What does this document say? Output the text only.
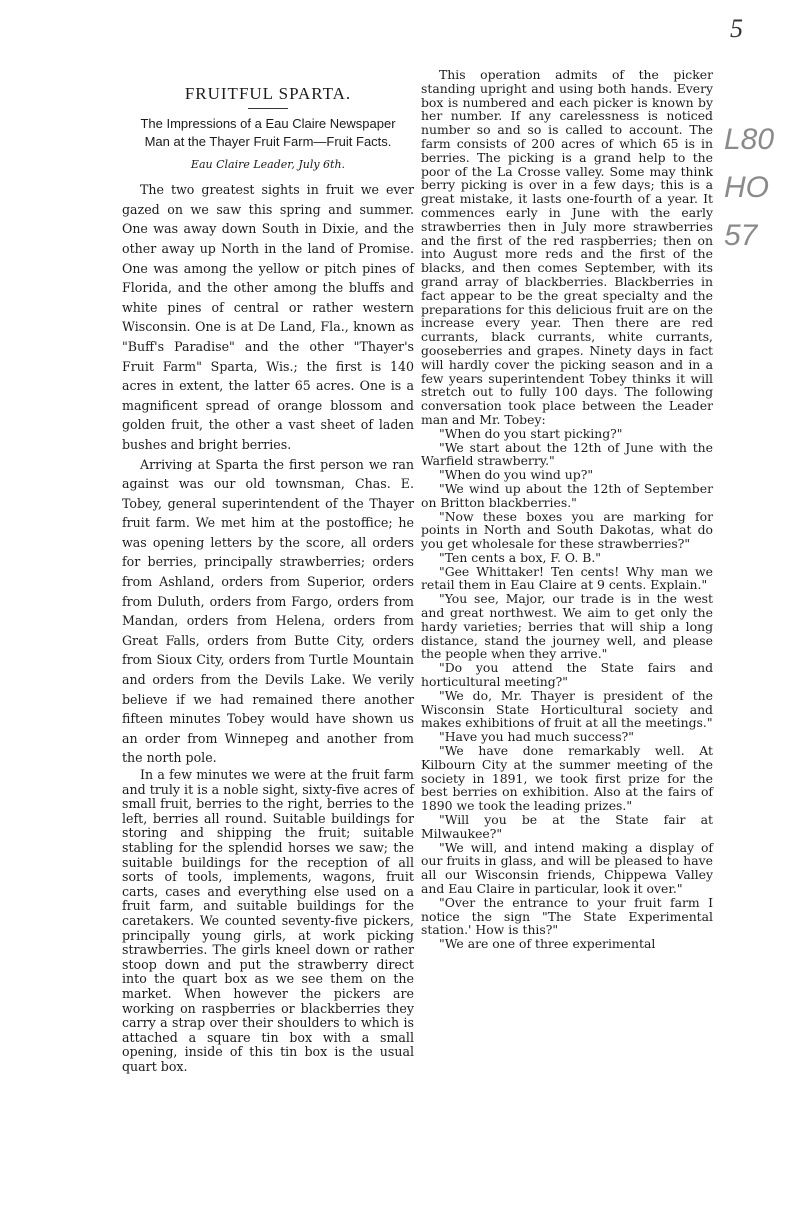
5
L80
HO
57
FRUITFUL SPARTA.
The Impressions of a Eau Claire Newspaper Man at the Thayer Fruit Farm—Fruit Facts.
Eau Claire Leader, July 6th.

The two greatest sights in fruit we ever gazed on we saw this spring and summer. One was away down South in Dixie, and the other away up North in the land of Promise. One was among the yellow or pitch pines of Florida, and the other among the bluffs and white pines of central or rather western Wisconsin. One is at De Land, Fla., known as "Buff's Paradise" and the other "Thayer's Fruit Farm" Sparta, Wis.; the first is 140 acres in extent, the latter 65 acres. One is a magnificent spread of orange blossom and golden fruit, the other a vast sheet of laden bushes and bright berries.

Arriving at Sparta the first person we ran against was our old townsman, Chas. E. Tobey, general superintendent of the Thayer fruit farm. We met him at the postoffice; he was opening letters by the score, all orders for berries, principally strawberries; orders from Ashland, orders from Superior, orders from Duluth, orders from Fargo, orders from Mandan, orders from Helena, orders from Great Falls, orders from Butte City, orders from Sioux City, orders from Turtle Mountain and orders from the Devils Lake. We verily believe if we had remained there another fifteen minutes Tobey would have shown us an order from Winnepeg and another from the north pole.

In a few minutes we were at the fruit farm and truly it is a noble sight, sixty-five acres of small fruit, berries to the right, berries to the left, berries all round. Suitable buildings for storing and shipping the fruit; suitable stabling for the splendid horses we saw; the suitable buildings for the reception of all sorts of tools, implements, wagons, fruit carts, cases and everything else used on a fruit farm, and suitable buildings for the caretakers. We counted seventy-five pickers, principally young girls, at work picking strawberries. The girls kneel down or rather stoop down and put the strawberry direct into the quart box as we see them on the market. When however the pickers are working on raspberries or blackberries they carry a strap over their shoulders to which is attached a square tin box with a small opening, inside of this tin box is the usual quart box.

This operation admits of the picker standing upright and using both hands. Every box is numbered and each picker is known by her number. If any carelessness is noticed number so and so is called to account. The farm consists of 200 acres of which 65 is in berries. The picking is a grand help to the poor of the La Crosse valley. Some may think berry picking is over in a few days; this is a great mistake, it lasts one-fourth of a year. It commences early in June with the early strawberries then in July more strawberries and the first of the red raspberries; then on into August more reds and the first of the blacks, and then comes September, with its grand array of blackberries. Blackberries in fact appear to be the great specialty and the preparations for this delicious fruit are on the increase every year. Then there are red currants, black currants, white currants, gooseberries and grapes. Ninety days in fact will hardly cover the picking season and in a few years superintendent Tobey thinks it will stretch out to fully 100 days. The following conversation took place between the Leader man and Mr. Tobey:

"When do you start picking?"

"We start about the 12th of June with the Warfield strawberry."

"When do you wind up?"

"We wind up about the 12th of September on Britton blackberries."

"Now these boxes you are marking for points in North and South Dakotas, what do you get wholesale for these strawberries?"

"Ten cents a box, F. O. B."

"Gee Whittaker! Ten cents! Why man we retail them in Eau Claire at 9 cents. Explain."

"You see, Major, our trade is in the west and great northwest. We aim to get only the hardy varieties; berries that will ship a long distance, stand the journey well, and please the people when they arrive."

"Do you attend the State fairs and horticultural meeting?"

"We do, Mr. Thayer is president of the Wisconsin State Horticultural society and makes exhibitions of fruit at all the meetings."

"Have you had much success?"

"We have done remarkably well. At Kilbourn City at the summer meeting of the society in 1891, we took first prize for the best berries on exhibition. Also at the fairs of 1890 we took the leading prizes."

"Will you be at the State fair at Milwaukee?"

"We will, and intend making a display of our fruits in glass, and will be pleased to have all our Wisconsin friends, Chippewa Valley and Eau Claire in particular, look it over."

"Over the entrance to your fruit farm I notice the sign "The State Experimental station.' How is this?"

"We are one of three experimental
